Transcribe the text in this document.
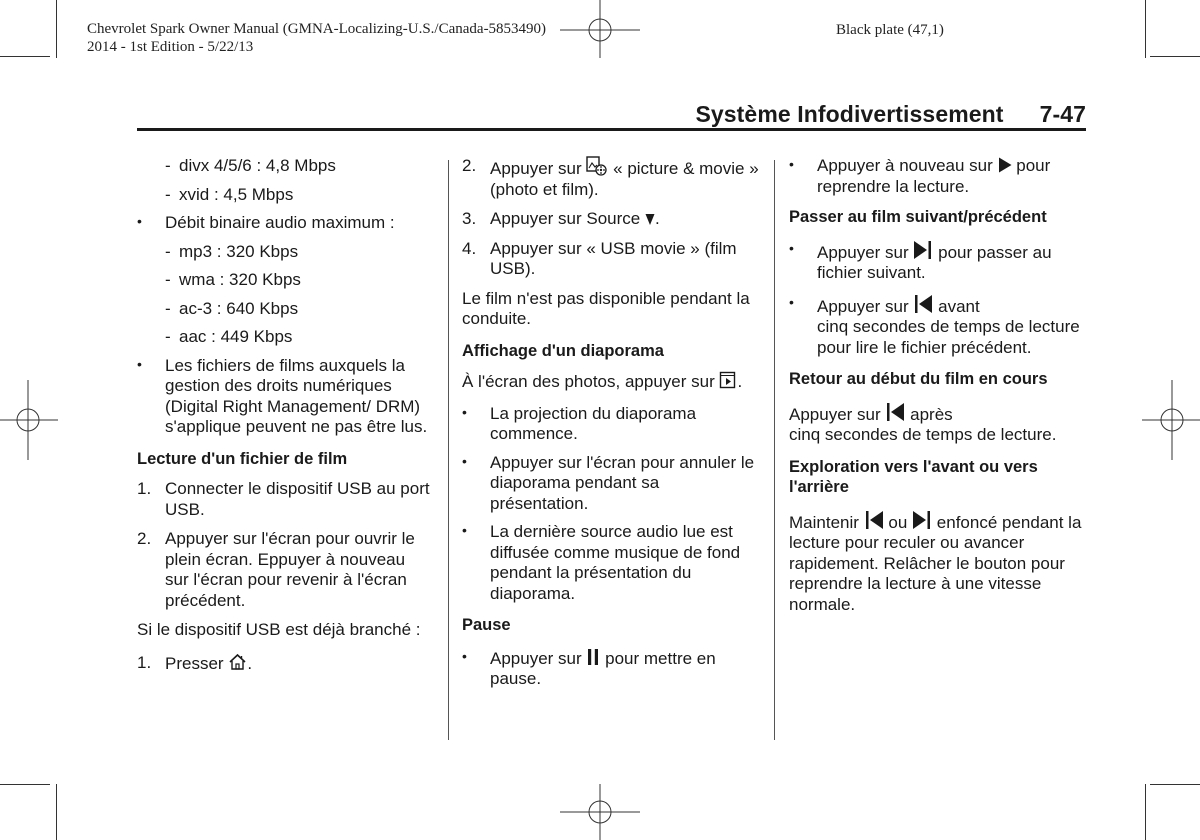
Chevrolet Spark Owner Manual (GMNA-Localizing-U.S./Canada-5853490)
2014 - 1st Edition - 5/22/13
Black plate (47,1)
Système Infodivertissement 7-47
- divx 4/5/6 : 4,8 Mbps
- xvid : 4,5 Mbps
• Débit binaire audio maximum :
- mp3 : 320 Kbps
- wma : 320 Kbps
- ac-3 : 640 Kbps
- aac : 449 Kbps
• Les fichiers de films auxquels la gestion des droits numériques (Digital Right Management/ DRM) s'applique peuvent ne pas être lus.
Lecture d'un fichier de film
1. Connecter le dispositif USB au port USB.
2. Appuyer sur l'écran pour ouvrir le plein écran. Eppuyer à nouveau sur l'écran pour revenir à l'écran précédent.
Si le dispositif USB est déjà branché :
1. Presser .
2. Appuyer sur « picture & movie » (photo et film).
3. Appuyer sur Source .
4. Appuyer sur « USB movie » (film USB).
Le film n'est pas disponible pendant la conduite.
Affichage d'un diaporama
À l'écran des photos, appuyer sur .
• La projection du diaporama commence.
• Appuyer sur l'écran pour annuler le diaporama pendant sa présentation.
• La dernière source audio lue est diffusée comme musique de fond pendant la présentation du diaporama.
Pause
• Appuyer sur pour mettre en pause.
• Appuyer à nouveau sur pour reprendre la lecture.
Passer au film suivant/précédent
• Appuyer sur pour passer au fichier suivant.
• Appuyer sur avant
cinq secondes de temps de lecture pour lire le fichier précédent.
Retour au début du film en cours
Appuyer sur après
cinq secondes de temps de lecture.
Exploration vers l'avant ou vers l'arrière
Maintenir ou enfoncé pendant la lecture pour reculer ou avancer rapidement. Relâcher le bouton pour reprendre la lecture à une vitesse normale.
